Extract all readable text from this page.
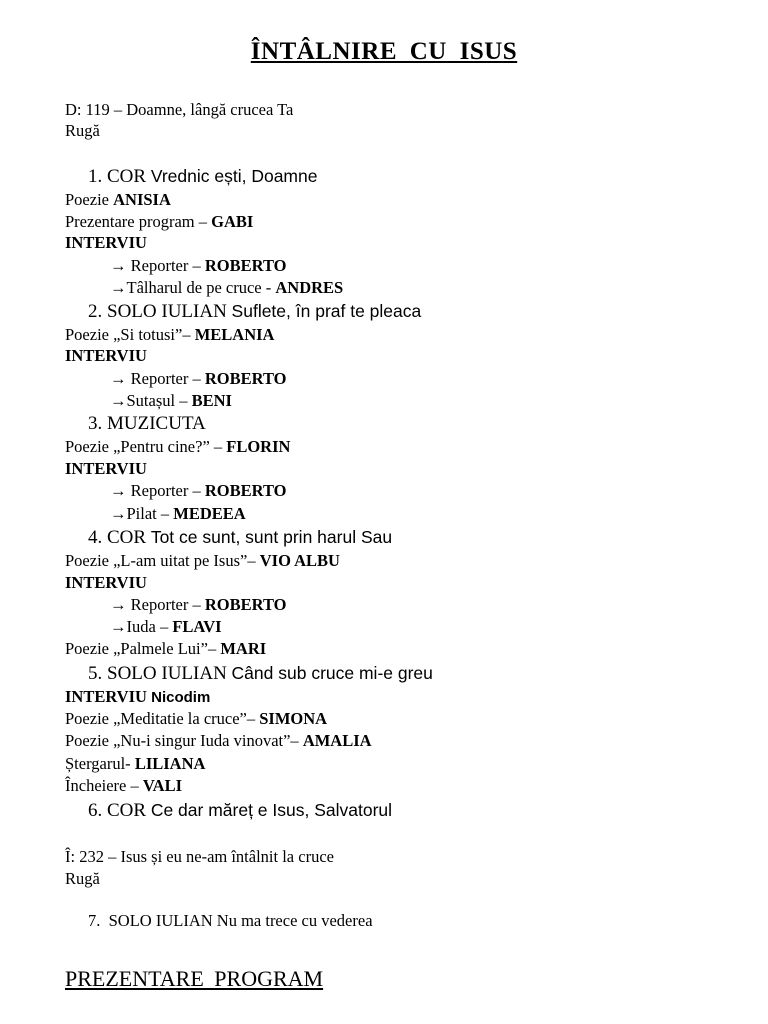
ÎNTÂLNIRE CU ISUS
D: 119 – Doamne, lângă crucea Ta
Rugă
1. COR Vrednic ești, Doamne
Poezie ANISIA
Prezentare program – GABI
INTERVIU
→ Reporter – ROBERTO
→Tâlharul de pe cruce - ANDRES
2. SOLO IULIAN Suflete, în praf te pleaca
Poezie „Si totusi”– MELANIA
INTERVIU
→ Reporter – ROBERTO
→Sutașul – BENI
3. MUZICUTA
Poezie „Pentru cine?” – FLORIN
INTERVIU
→ Reporter – ROBERTO
→Pilat – MEDEEA
4. COR Tot ce sunt, sunt prin harul Sau
Poezie „L-am uitat pe Isus”– VIO ALBU
INTERVIU
→ Reporter – ROBERTO
→Iuda – FLAVI
Poezie „Palmele Lui”– MARI
5. SOLO IULIAN Când sub cruce mi-e greu
INTERVIU Nicodim
Poezie „Meditatie la cruce”– SIMONA
Poezie „Nu-i singur Iuda vinovat”– AMALIA
Ștergarul- LILIANA
Încheiere – VALI
6. COR Ce dar măreț e Isus, Salvatorul
Î: 232 – Isus și eu ne-am întâlnit la cruce
Rugă
7. SOLO IULIAN Nu ma trece cu vederea
PREZENTARE PROGRAM
